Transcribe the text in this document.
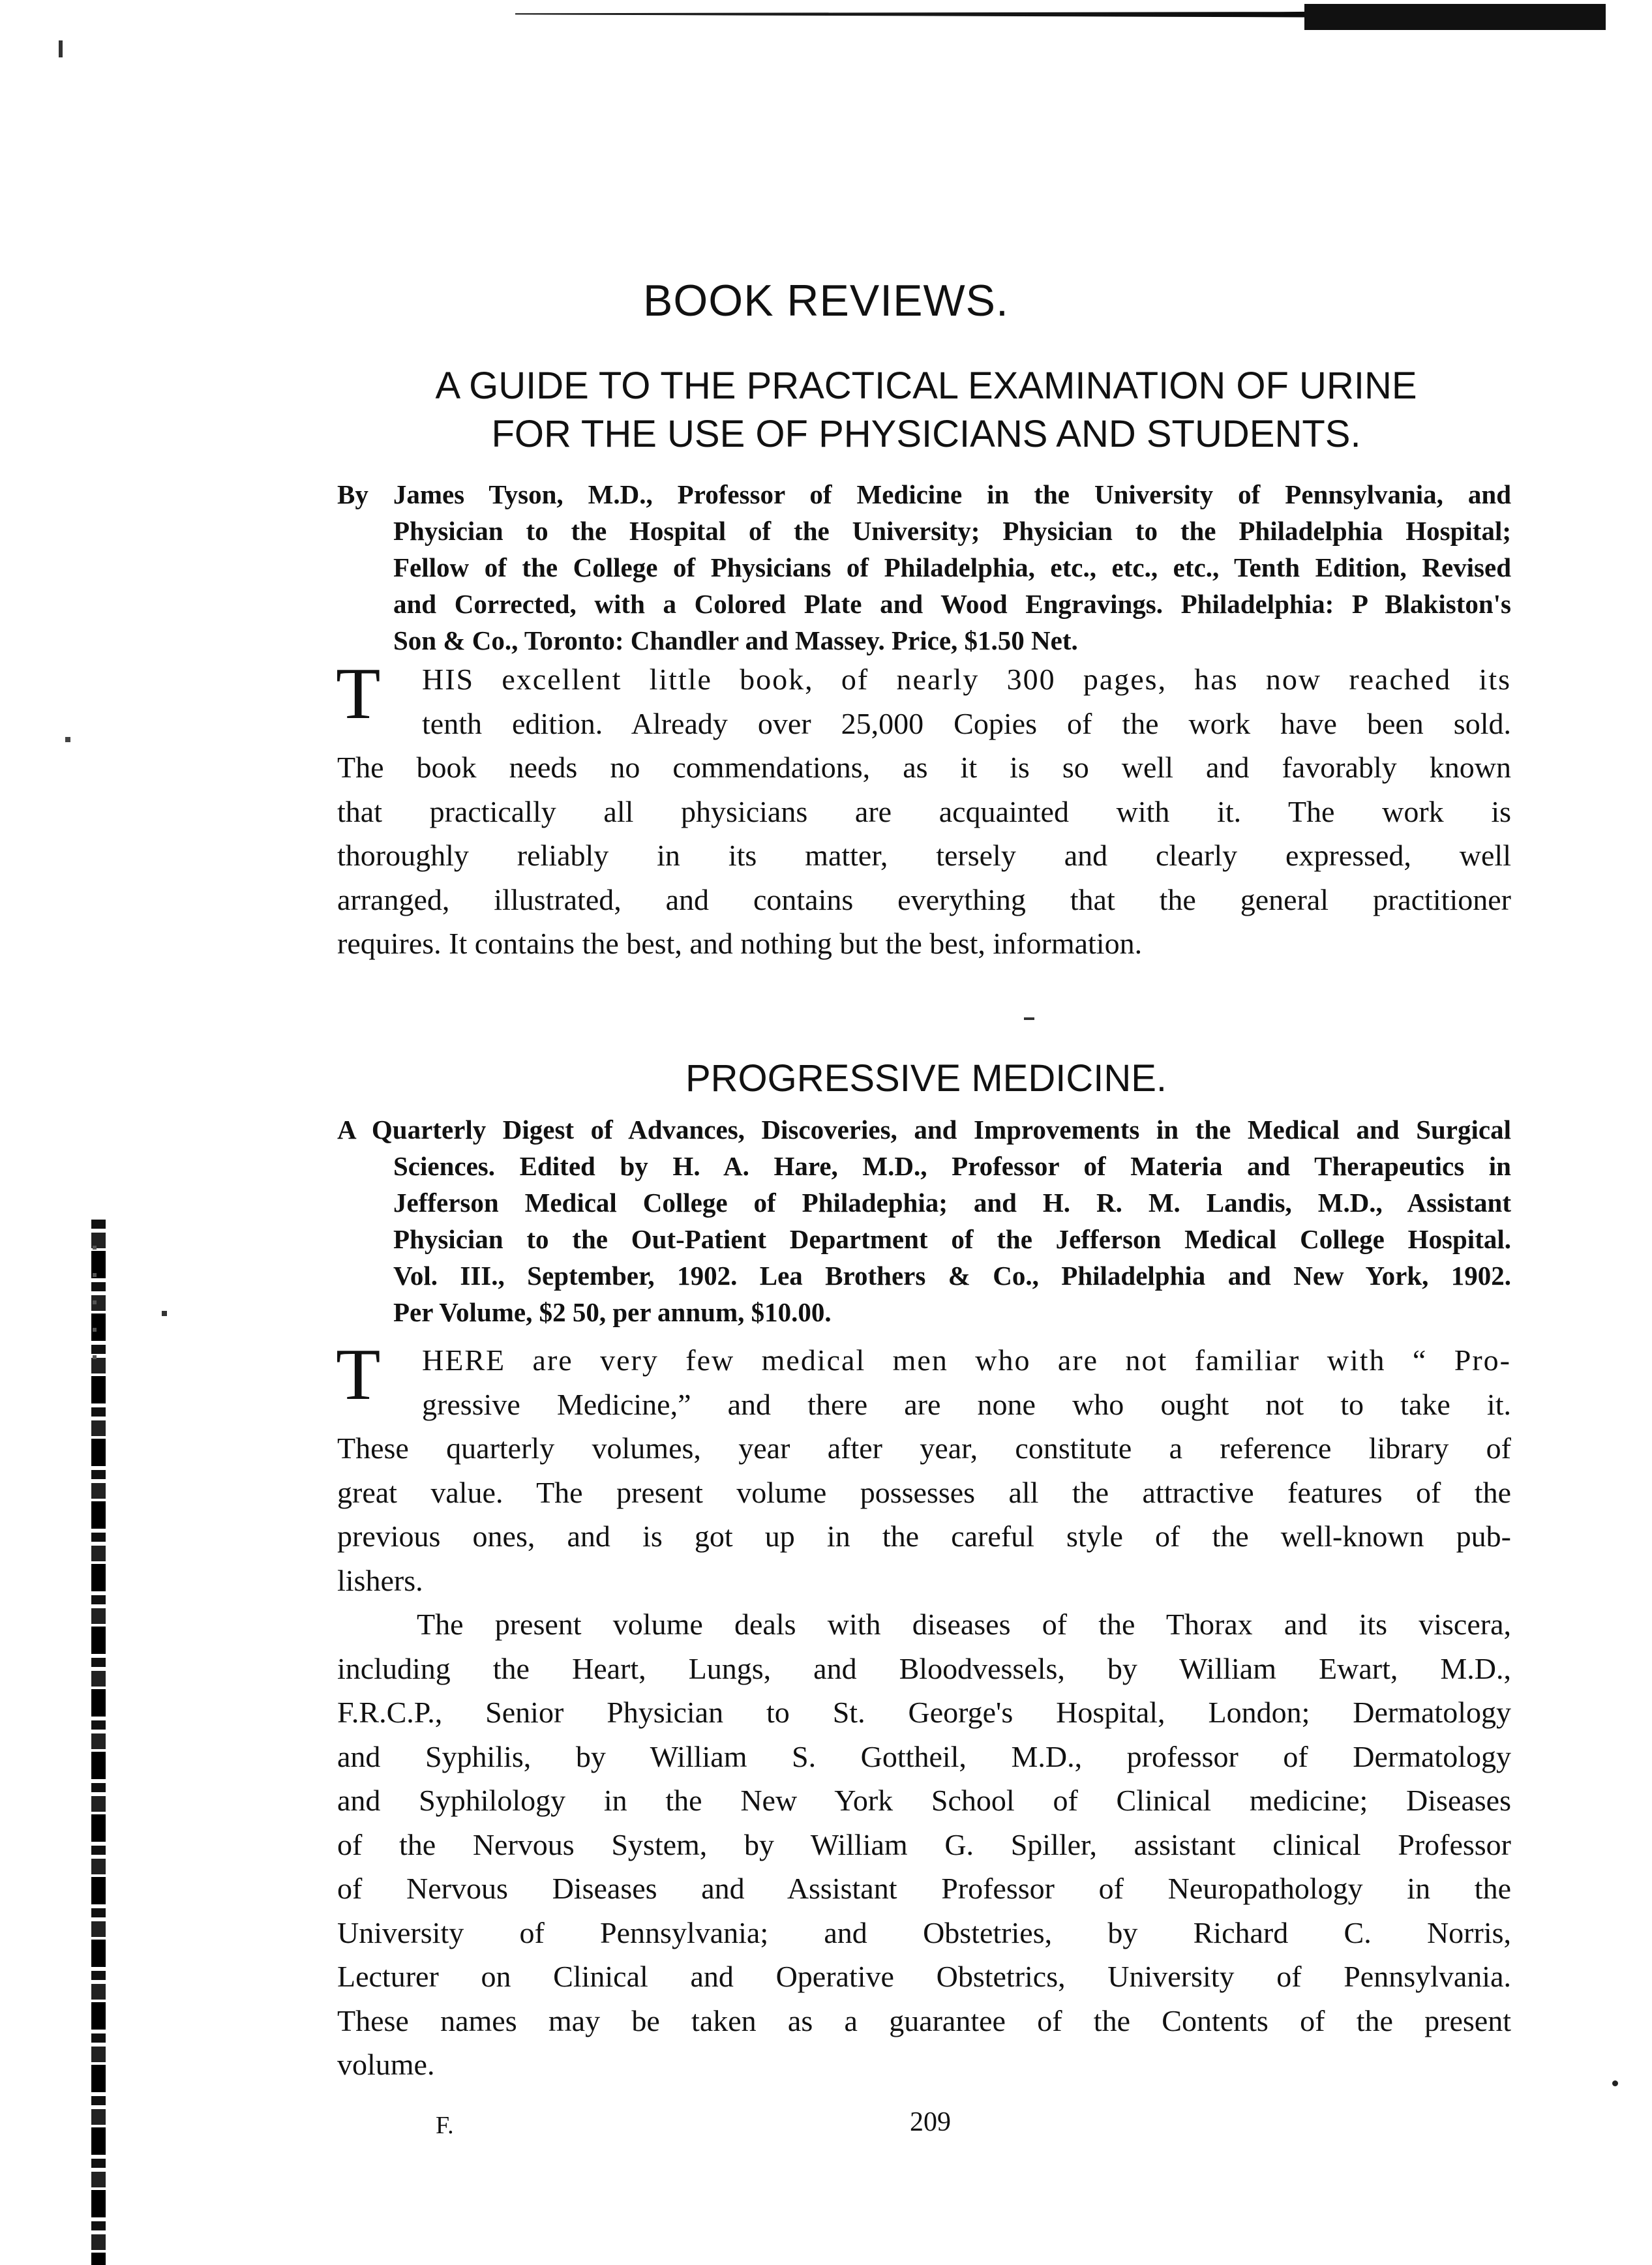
BOOK REVIEWS.
A GUIDE TO THE PRACTICAL EXAMINATION OF URINE
FOR THE USE OF PHYSICIANS AND STUDENTS.
By James Tyson, M.D., Professor of Medicine in the University of Pennsylvania, and
Physician to the Hospital of the University; Physician to the Philadelphia Hospital;
Fellow of the College of Physicians of Philadelphia, etc., etc., etc., Tenth Edition, Revised
and Corrected, with a Colored Plate and Wood Engravings. Philadelphia: P Blakiston's
Son & Co., Toronto: Chandler and Massey. Price, $1.50 Net.
T HIS excellent little book, of nearly 300 pages, has now reached its
tenth edition. Already over 25,000 Copies of the work have been sold.
The book needs no commendations, as it is so well and favorably known
that practically all physicians are acquainted with it. The work is
thoroughly reliably in its matter, tersely and clearly expressed, well
arranged, illustrated, and contains everything that the general practitioner
requires. It contains the best, and nothing but the best, information.
PROGRESSIVE MEDICINE.
A Quarterly Digest of Advances, Discoveries, and Improvements in the Medical and Surgical
Sciences. Edited by H. A. Hare, M.D., Professor of Materia and Therapeutics in
Jefferson Medical College of Philadephia; and H. R. M. Landis, M.D., Assistant
Physician to the Out-Patient Department of the Jefferson Medical College Hospital.
Vol. III., September, 1902. Lea Brothers & Co., Philadelphia and New York, 1902.
Per Volume, $2 50, per annum, $10.00.
T HERE are very few medical men who are not familiar with “ Pro-
gressive Medicine,” and there are none who ought not to take it.
These quarterly volumes, year after year, constitute a reference library of
great value. The present volume possesses all the attractive features of the
previous ones, and is got up in the careful style of the well-known pub-
lishers.
The present volume deals with diseases of the Thorax and its viscera,
including the Heart, Lungs, and Bloodvessels, by William Ewart, M.D.,
F.R.C.P., Senior Physician to St. George's Hospital, London; Dermatology
and Syphilis, by William S. Gottheil, M.D., professor of Dermatology
and Syphilology in the New York School of Clinical medicine; Diseases
of the Nervous System, by William G. Spiller, assistant clinical Professor
of Nervous Diseases and Assistant Professor of Neuropathology in the
University of Pennsylvania; and Obstetries, by Richard C. Norris,
Lecturer on Clinical and Operative Obstetrics, University of Pennsylvania.
These names may be taken as a guarantee of the Contents of the present
volume.
F.	209
